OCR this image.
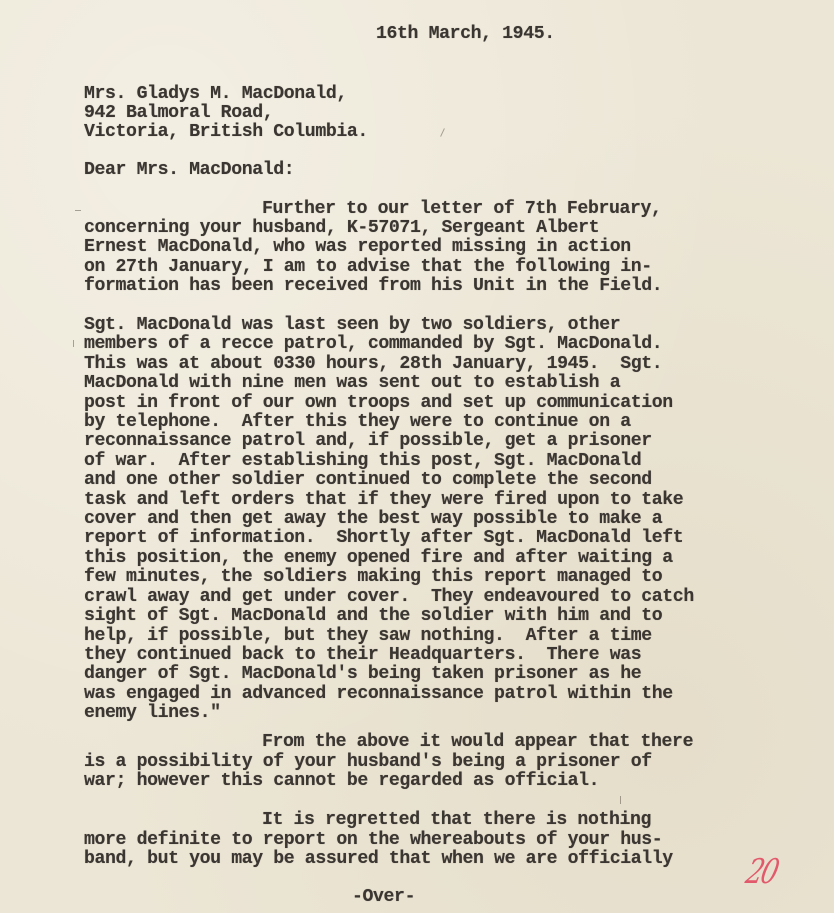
16th March, 1945.
Mrs. Gladys M. MacDonald,
942 Balmoral Road,
Victoria, British Columbia.
Dear Mrs. MacDonald:
Further to our letter of 7th February,
concerning your husband, K-57071, Sergeant Albert
Ernest MacDonald, who was reported missing in action
on 27th January, I am to advise that the following in-
formation has been received from his Unit in the Field.
Sgt. MacDonald was last seen by two soldiers, other
members of a recce patrol, commanded by Sgt. MacDonald.
This was at about 0330 hours, 28th January, 1945.  Sgt.
MacDonald with nine men was sent out to establish a
post in front of our own troops and set up communication
by telephone.  After this they were to continue on a
reconnaissance patrol and, if possible, get a prisoner
of war.  After establishing this post, Sgt. MacDonald
and one other soldier continued to complete the second
task and left orders that if they were fired upon to take
cover and then get away the best way possible to make a
report of information.  Shortly after Sgt. MacDonald left
this position, the enemy opened fire and after waiting a
few minutes, the soldiers making this report managed to
crawl away and get under cover.  They endeavoured to catch
sight of Sgt. MacDonald and the soldier with him and to
help, if possible, but they saw nothing.  After a time
they continued back to their Headquarters.  There was
danger of Sgt. MacDonald's being taken prisoner as he
was engaged in advanced reconnaissance patrol within the
enemy lines."
From the above it would appear that there
is a possibility of your husband's being a prisoner of
war; however this cannot be regarded as official.
It is regretted that there is nothing
more definite to report on the whereabouts of your hus-
band, but you may be assured that when we are officially 20
-Over-
